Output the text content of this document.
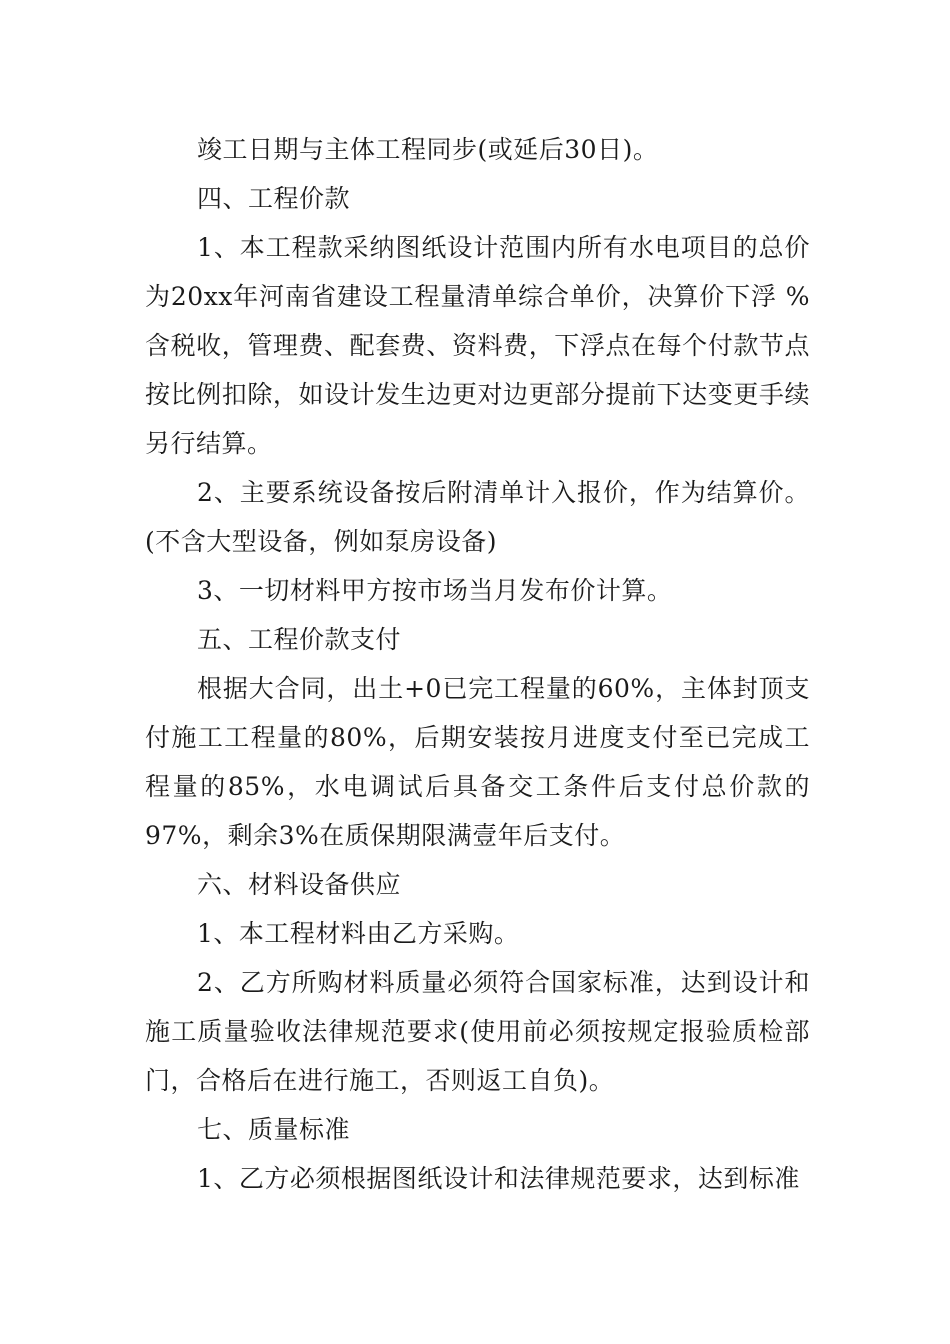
竣工日期与主体工程同步(或延后30日)。

四、工程价款

1、本工程款采纳图纸设计范围内所有水电项目的总价为20xx年河南省建设工程量清单综合单价，决算价下浮 %含税收，管理费、配套费、资料费，下浮点在每个付款节点按比例扣除，如设计发生边更对边更部分提前下达变更手续另行结算。

2、主要系统设备按后附清单计入报价，作为结算价。(不含大型设备，例如泵房设备)

3、一切材料甲方按市场当月发布价计算。

五、工程价款支付

根据大合同，出土+0已完工程量的60%，主体封顶支付施工工程量的80%，后期安装按月进度支付至已完成工程量的85%，水电调试后具备交工条件后支付总价款的97%，剩余3%在质保期限满壹年后支付。

六、材料设备供应

1、本工程材料由乙方采购。

2、乙方所购材料质量必须符合国家标准，达到设计和施工质量验收法律规范要求(使用前必须按规定报验质检部门，合格后在进行施工，否则返工自负)。

七、质量标准

1、乙方必须根据图纸设计和法律规范要求，达到标准
